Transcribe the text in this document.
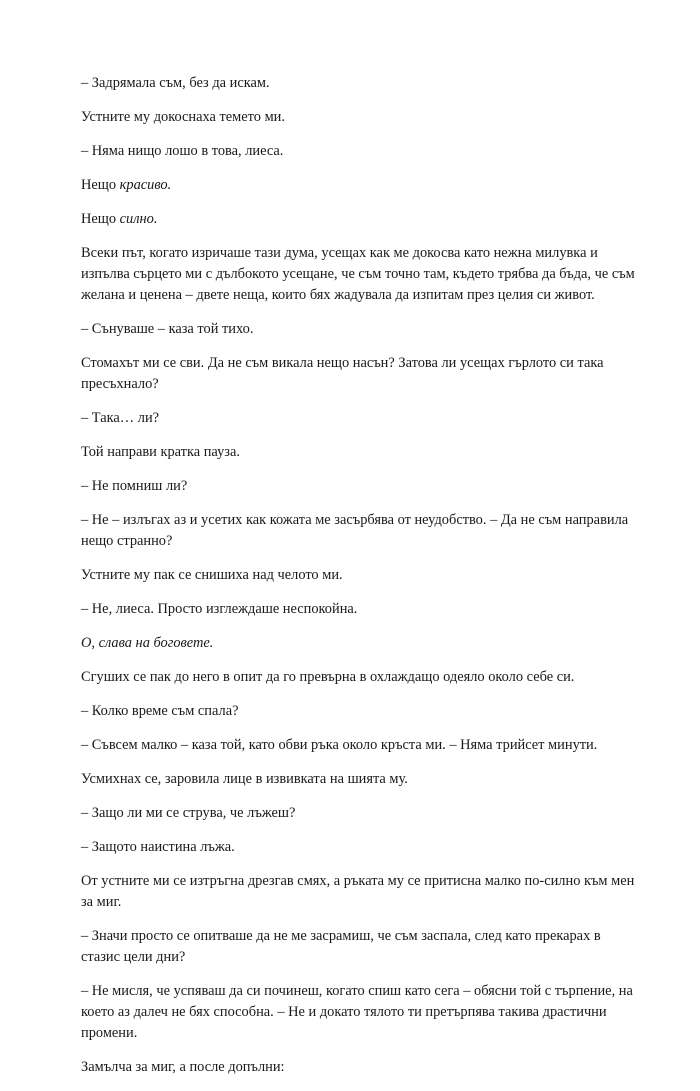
– Задрямала съм, без да искам.

Устните му докоснаха темето ми.

– Няма нищо лошо в това, лиеса.

Нещо красиво.

Нещо силно.

Всеки път, когато изричаше тази дума, усещах как ме докосва като нежна милувка и изпълва сърцето ми с дълбокото усещане, че съм точно там, където трябва да бъда, че съм желана и ценена – двете неща, които бях жадувала да изпитам през целия си живот.

– Сънуваше – каза той тихо.

Стомахът ми се сви. Да не съм викала нещо насън? Затова ли усещах гърлото си така пресъхнало?

– Така… ли?

Той направи кратка пауза.

– Не помниш ли?

– Не – излъгах аз и усетих как кожата ме засърбява от неудобство. – Да не съм направила нещо странно?

Устните му пак се снишиха над челото ми.

– Не, лиеса. Просто изглеждаше неспокойна.

О, слава на боговете.

Сгуших се пак до него в опит да го превърна в охлаждащо одеяло около себе си.

– Колко време съм спала?

– Съвсем малко – каза той, като обви ръка около кръста ми. – Няма трийсет минути.

Усмихнах се, заровила лице в извивката на шията му.

– Защо ли ми се струва, че лъжеш?

– Защото наистина лъжа.

От устните ми се изтръгна дрезгав смях, а ръката му се притисна малко по-силно към мен за миг.

– Значи просто се опитваше да не ме засрамиш, че съм заспала, след като прекарах в стазис цели дни?

– Не мисля, че успяваш да си починеш, когато спиш като сега – обясни той с търпение, на което аз далеч не бях способна. – Не и докато тялото ти претърпява такива драстични промени.

Замълча за миг, а после допълни:
